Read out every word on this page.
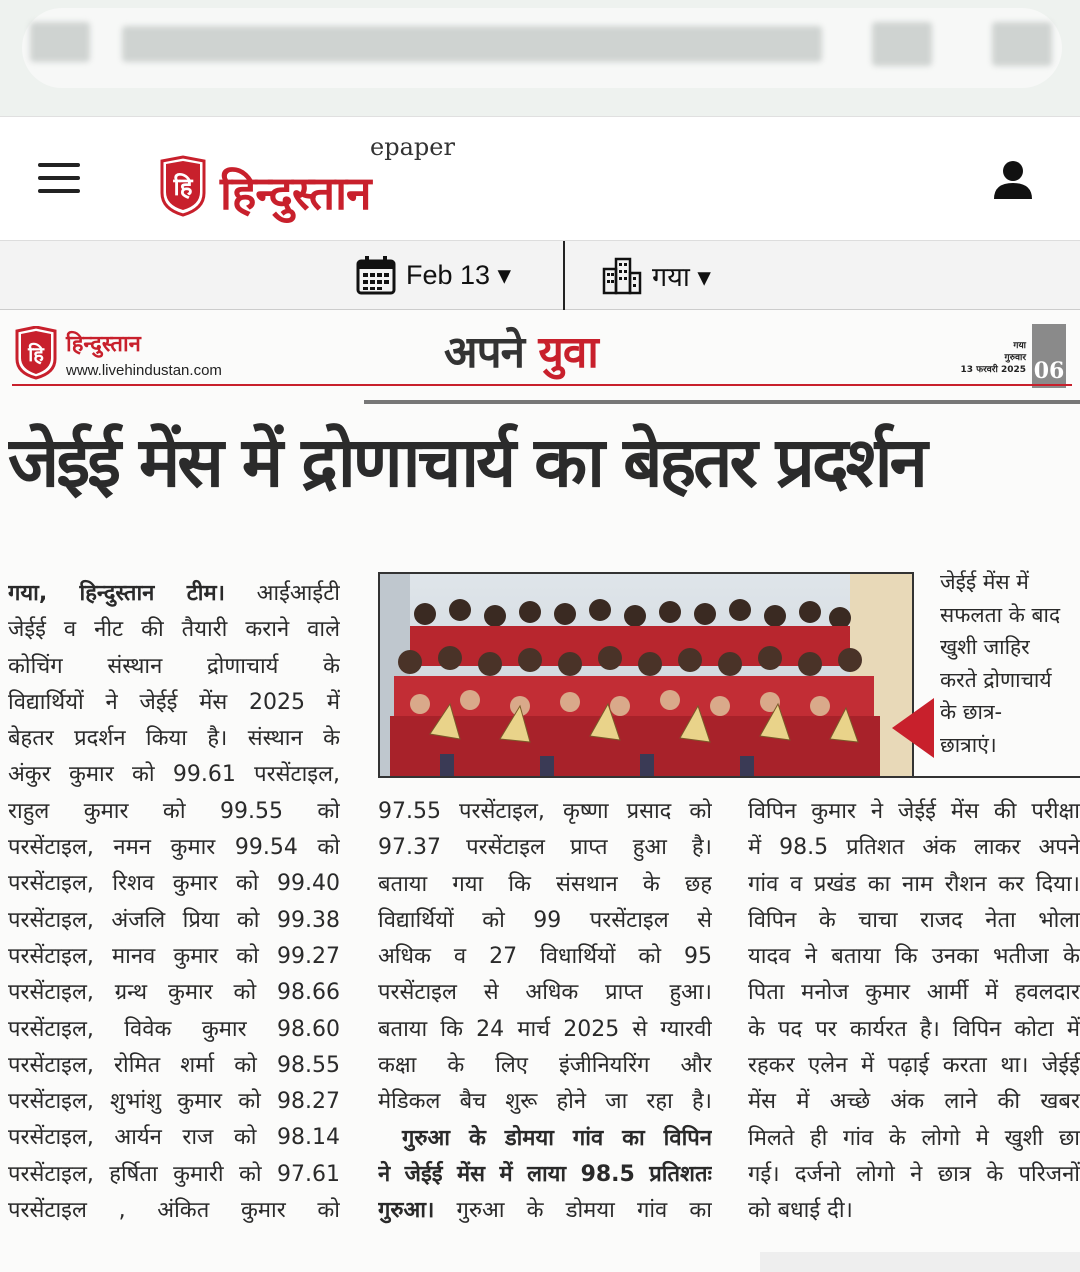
हि हिन्दुस्तान
epaper
Feb 13 ▾	गया ▾
हि हिन्दुस्तान
www.livehindustan.com	अपने युवा	गया
गुरुवार
13 फरवरी 2025 06
जेईई मेंस में द्रोणाचार्य का बेहतर प्रदर्शन

गया, हिन्दुस्तान टीम। आईआईटी

जेईई व नीट की तैयारी कराने वाले

कोचिंग संस्थान द्रोणाचार्य के

विद्यार्थियों ने जेईई मेंस 2025 में

बेहतर प्रदर्शन किया है। संस्थान के

अंकुर कुमार को 99.61 परसेंटाइल,

राहुल कुमार को 99.55 को

परसेंटाइल, नमन कुमार 99.54 को

परसेंटाइल, रिशव कुमार को 99.40

परसेंटाइल, अंजलि प्रिया को 99.38

परसेंटाइल, मानव कुमार को 99.27

परसेंटाइल, ग्रन्थ कुमार को 98.66

परसेंटाइल, विवेक कुमार 98.60

परसेंटाइल, रोमित शर्मा को 98.55

परसेंटाइल, शुभांशु कुमार को 98.27

परसेंटाइल, आर्यन राज को 98.14

परसेंटाइल, हर्षिता कुमारी को 97.61

परसेंटाइल , अंकित कुमार को

जेईई मेंस में
सफलता के बाद
खुशी जाहिर
करते द्रोणाचार्य
के छात्र-
छात्राएं।

97.55 परसेंटाइल, कृष्णा प्रसाद को

97.37 परसेंटाइल प्राप्त हुआ है।

बताया गया कि संसथान के छह

विद्यार्थियों को 99 परसेंटाइल से

अधिक व 27 विधार्थियों को 95

परसेंटाइल से अधिक प्राप्त हुआ।

बताया कि 24 मार्च 2025 से ग्यारवी

कक्षा के लिए इंजीनियरिंग और

मेडिकल बैच शुरू होने जा रहा है।

गुरुआ के डोमया गांव का विपिन

ने जेईई मेंस में लाया 98.5 प्रतिशतः

गुरुआ। गुरुआ के डोमया गांव का

विपिन कुमार ने जेईई मेंस की परीक्षा

में 98.5 प्रतिशत अंक लाकर अपने

गांव व प्रखंड का नाम रौशन कर दिया।

विपिन के चाचा राजद नेता भोला

यादव ने बताया कि उनका भतीजा के

पिता मनोज कुमार आर्मी में हवलदार

के पद पर कार्यरत है। विपिन कोटा में

रहकर एलेन में पढ़ाई करता था। जेईई

मेंस में अच्छे अंक लाने की खबर

मिलते ही गांव के लोगो मे खुशी छा

गई। दर्जनो लोगो ने छात्र के परिजनों

को बधाई दी।
